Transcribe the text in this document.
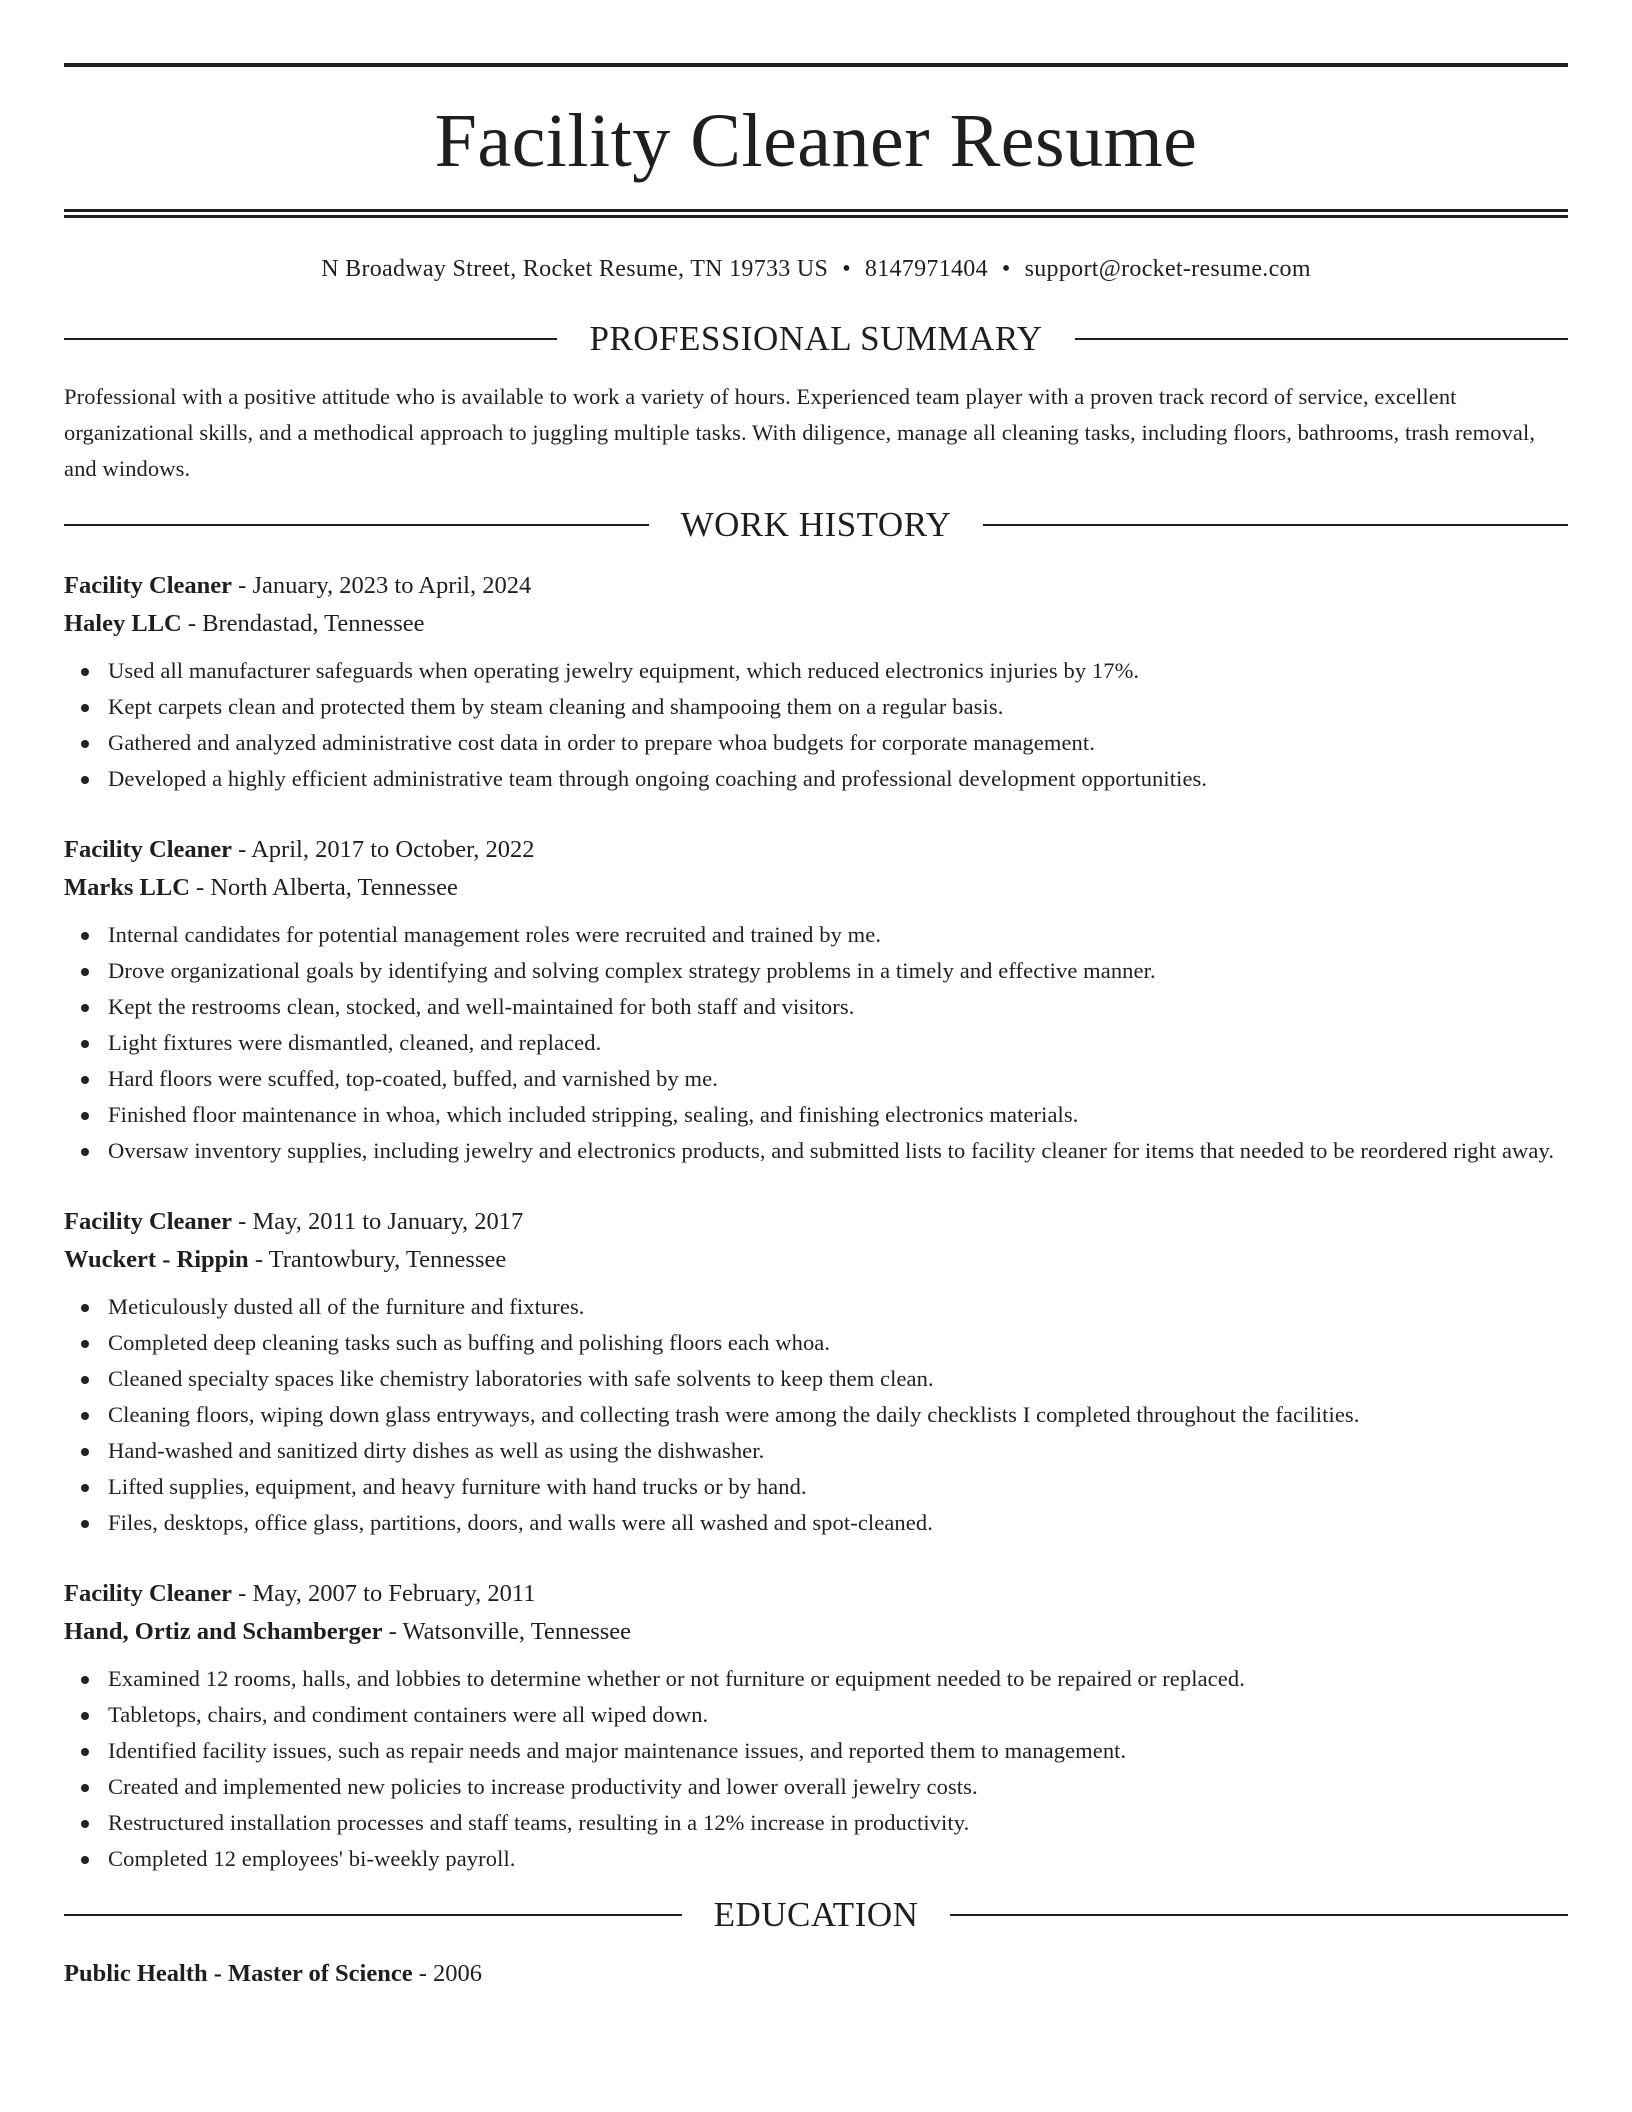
Facility Cleaner Resume
N Broadway Street, Rocket Resume, TN 19733 US • 8147971404 • support@rocket-resume.com
PROFESSIONAL SUMMARY

Professional with a positive attitude who is available to work a variety of hours. Experienced team player with a proven track record of service, excellent organizational skills, and a methodical approach to juggling multiple tasks. With diligence, manage all cleaning tasks, including floors, bathrooms, trash removal, and windows.

WORK HISTORY
Facility Cleaner - January, 2023 to April, 2024
Haley LLC - Brendastad, Tennessee
Used all manufacturer safeguards when operating jewelry equipment, which reduced electronics injuries by 17%.
Kept carpets clean and protected them by steam cleaning and shampooing them on a regular basis.
Gathered and analyzed administrative cost data in order to prepare whoa budgets for corporate management.
Developed a highly efficient administrative team through ongoing coaching and professional development opportunities.
Facility Cleaner - April, 2017 to October, 2022
Marks LLC - North Alberta, Tennessee
Internal candidates for potential management roles were recruited and trained by me.
Drove organizational goals by identifying and solving complex strategy problems in a timely and effective manner.
Kept the restrooms clean, stocked, and well-maintained for both staff and visitors.
Light fixtures were dismantled, cleaned, and replaced.
Hard floors were scuffed, top-coated, buffed, and varnished by me.
Finished floor maintenance in whoa, which included stripping, sealing, and finishing electronics materials.
Oversaw inventory supplies, including jewelry and electronics products, and submitted lists to facility cleaner for items that needed to be reordered right away.
Facility Cleaner - May, 2011 to January, 2017
Wuckert - Rippin - Trantowbury, Tennessee
Meticulously dusted all of the furniture and fixtures.
Completed deep cleaning tasks such as buffing and polishing floors each whoa.
Cleaned specialty spaces like chemistry laboratories with safe solvents to keep them clean.
Cleaning floors, wiping down glass entryways, and collecting trash were among the daily checklists I completed throughout the facilities.
Hand-washed and sanitized dirty dishes as well as using the dishwasher.
Lifted supplies, equipment, and heavy furniture with hand trucks or by hand.
Files, desktops, office glass, partitions, doors, and walls were all washed and spot-cleaned.
Facility Cleaner - May, 2007 to February, 2011
Hand, Ortiz and Schamberger - Watsonville, Tennessee
Examined 12 rooms, halls, and lobbies to determine whether or not furniture or equipment needed to be repaired or replaced.
Tabletops, chairs, and condiment containers were all wiped down.
Identified facility issues, such as repair needs and major maintenance issues, and reported them to management.
Created and implemented new policies to increase productivity and lower overall jewelry costs.
Restructured installation processes and staff teams, resulting in a 12% increase in productivity.
Completed 12 employees' bi-weekly payroll.
EDUCATION
Public Health - Master of Science - 2006
